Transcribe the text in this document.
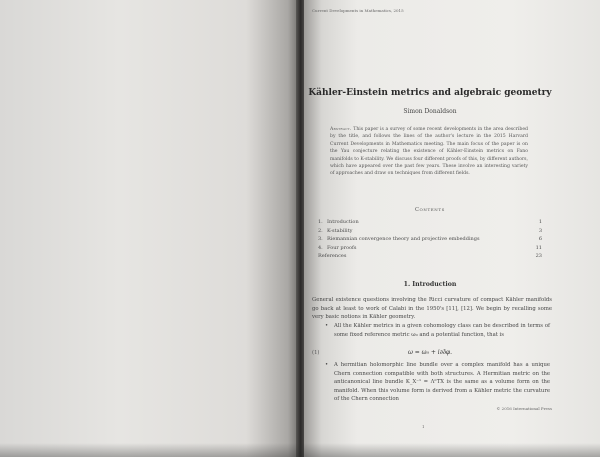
Current Developments in Mathematics, 2015
Kähler-Einstein metrics and algebraic geometry
Simon Donaldson
Abstract. This paper is a survey of some recent developments in the area described by the title, and follows the lines of the author's lecture in the 2015 Harvard Current Developments in Mathematics meeting. The main focus of the paper is on the Yau conjecture relating the existence of Kähler-Einstein metrics on Fano manifolds to K-stability. We discuss four different proofs of this, by different authors, which have appeared over the past few years. These involve an interesting variety of approaches and draw on techniques from different fields.
Contents
1. Introduction	1
2. K-stability	3
3. Riemannian convergence theory and projective embeddings	6
4. Four proofs	11
References	23
1. Introduction
General existence questions involving the Ricci curvature of compact Kähler manifolds go back at least to work of Calabi in the 1950's [11], [12]. We begin by recalling some very basic notions in Kähler geometry.
• All the Kähler metrics in a given cohomology class can be described in terms of some fixed reference metric ω₀ and a potential function, that is
(1)	ω = ω₀ + i∂∂̄φ.
• A hermitian holomorphic line bundle over a complex manifold has a unique Chern connection compatible with both structures. A Hermitian metric on the anticanonical line bundle K_X⁻¹ = ΛⁿTX is the same as a volume form on the manifold. When this volume form is derived from a Kähler metric the curvature of the Chern connection
© 2016 International Press
1
